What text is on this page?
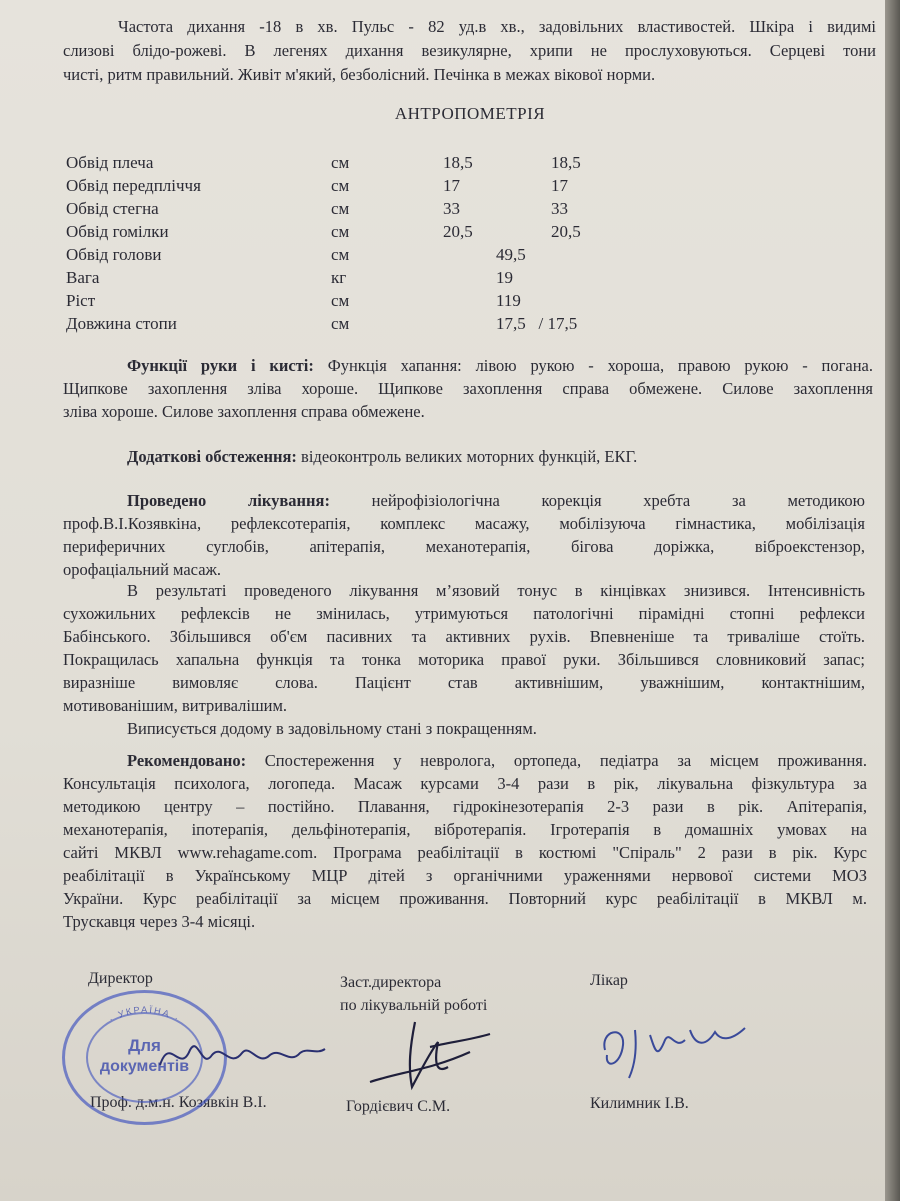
Частота дихання -18 в хв. Пульс - 82 уд.в хв., задовільних властивостей. Шкіра і видимі
слизові блідо-рожеві. В легенях дихання везикулярне, хрипи не прослуховуються. Серцеві тони
чисті, ритм правильний. Живіт м'який, безболісний. Печінка в межах вікової норми.
АНТРОПОМЕТРІЯ
Обвід плеча	см	18,5	18,5
Обвід передпліччя	см	17	17
Обвід стегна	см	33	33
Обвід гомілки	см	20,5	20,5
Обвід голови	см	49,5
Вага	кг	19
Ріст	см	119
Довжина стопи	см	17,5   / 17,5
Функції руки і кисті: Функція хапання: лівою рукою - хороша, правою рукою - погана.
Щипкове захоплення зліва хороше. Щипкове захоплення справа обмежене. Силове захоплення
зліва хороше. Силове захоплення справа обмежене.
Додаткові обстеження: відеоконтроль великих моторних функцій, ЕКГ.
Проведено лікування:	нейрофізіологічна корекція хребта за методикою
проф.В.І.Козявкіна, рефлексотерапія, комплекс масажу, мобілізуюча гімнастика, мобілізація
периферичних суглобів, апітерапія, механотерапія, бігова доріжка, віброекстензор,
орофаціальний масаж.
В результаті проведеного лікування м’язовий тонус в кінцівках знизився. Інтенсивність
сухожильних рефлексів не змінилась, утримуються патологічні пірамідні стопні рефлекси
Бабінського. Збільшився об'єм пасивних та активних рухів. Впевненіше та триваліше стоїть.
Покращилась хапальна функція та тонка моторика правої руки. Збільшився словниковий запас;
виразніше вимовляє слова. Пацієнт став активнішим, уважнішим, контактнішим,
мотивованішим, витривалішим.
Виписується додому в задовільному стані з покращенням.
Рекомендовано: Спостереження у невролога, ортопеда, педіатра за місцем проживання.
Консультація психолога, логопеда. Масаж курсами 3-4 рази в рік, лікувальна фізкультура за
методикою центру – постійно. Плавання, гідрокінезотерапія 2-3 рази в рік. Апітерапія,
механотерапія, іпотерапія, дельфінотерапія, вібротерапія. Ігротерапія в домашніх умовах на
сайті МКВЛ www.rehagame.com. Програма реабілітації в костюмі "Спіраль" 2 рази в рік. Курс
реабілітації в Українському МЦР дітей з органічними ураженнями нервової системи МОЗ
України. Курс реабілітації за місцем проживання. Повторний курс реабілітації в МКВЛ м.
Трускавця через 3-4 місяці.
Директор	Заст.директора
по лікувальній роботі
Лікар
Проф. д.м.н. Козявкін В.І.	Гордієвич С.М.	Килимник І.В.
· УКРАЇНА ·
Для
документів
